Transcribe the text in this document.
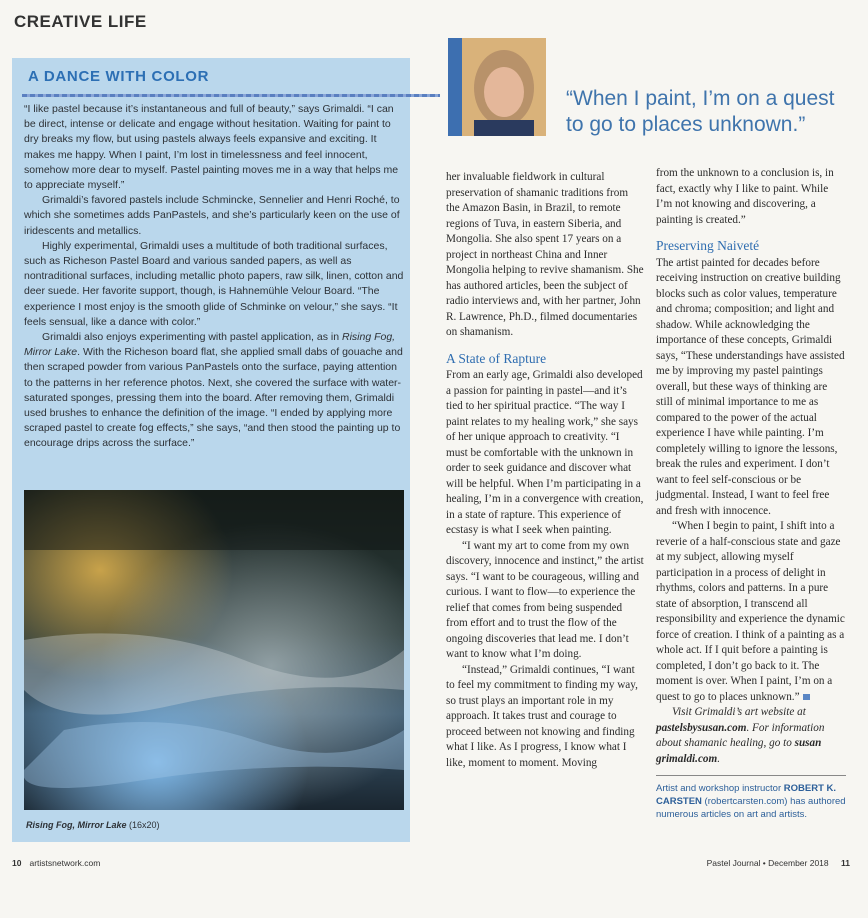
CREATIVE LIFE
A DANCE WITH COLOR

“I like pastel because it’s instantaneous and full of beauty,” says Grimaldi. “I can be direct, intense or delicate and engage without hesitation. Waiting for paint to dry breaks my flow, but using pastels always feels expansive and exciting. It makes me happy. When I paint, I’m lost in timelessness and feel innocent, somehow more dear to myself. Pastel painting moves me in a way that helps me to appreciate myself.”

Grimaldi’s favored pastels include Schmincke, Sennelier and Henri Roché, to which she sometimes adds PanPastels, and she’s particularly keen on the use of iridescents and metallics.

Highly experimental, Grimaldi uses a multitude of both traditional surfaces, such as Richeson Pastel Board and various sanded papers, as well as nontraditional surfaces, including metallic photo papers, raw silk, linen, cotton and deer suede. Her favorite support, though, is Hahnemühle Velour Board. “The experience I most enjoy is the smooth glide of Schminke on velour,” she says. “It feels sensual, like a dance with color.”

Grimaldi also enjoys experimenting with pastel application, as in Rising Fog, Mirror Lake. With the Richeson board flat, she applied small dabs of gouache and then scraped powder from various PanPastels onto the surface, paying attention to the patterns in her reference photos. Next, she covered the surface with water-saturated sponges, pressing them into the board. After removing them, Grimaldi used brushes to enhance the definition of the image. “I ended by applying more scraped pastel to create fog effects,” she says, “and then stood the painting up to encourage drips across the surface.”

Rising Fog, Mirror Lake (16x20)
“When I paint, I’m on a quest to go to places unknown.”

her invaluable fieldwork in cultural preservation of shamanic traditions from the Amazon Basin, in Brazil, to remote regions of Tuva, in eastern Siberia, and Mongolia. She also spent 17 years on a project in northeast China and Inner Mongolia helping to revive shamanism. She has authored articles, been the subject of radio interviews and, with her partner, John R. Lawrence, Ph.D., filmed documentaries on shamanism.

A State of Rapture

From an early age, Grimaldi also developed a passion for painting in pastel—and it’s tied to her spiritual practice. “The way I paint relates to my healing work,” she says of her unique approach to creativity. “I must be comfortable with the unknown in order to seek guidance and discover what will be helpful. When I’m participating in a healing, I’m in a convergence with creation, in a state of rapture. This experience of ecstasy is what I seek when painting.

“I want my art to come from my own discovery, innocence and instinct,” the artist says. “I want to be courageous, willing and curious. I want to flow—to experience the relief that comes from being suspended from effort and to trust the flow of the ongoing discoveries that lead me. I don’t want to know what I’m doing.

“Instead,” Grimaldi continues, “I want to feel my commitment to finding my way, so trust plays an important role in my approach. It takes trust and courage to proceed between not knowing and finding what I like. As I progress, I know what I like, moment to moment. Moving

from the unknown to a conclusion is, in fact, exactly why I like to paint. While I’m not knowing and discovering, a painting is created.”

Preserving Naiveté

The artist painted for decades before receiving instruction on creative building blocks such as color values, temperature and chroma; composition; and light and shadow. While acknowledging the importance of these concepts, Grimaldi says, “These understandings have assisted me by improving my pastel paintings overall, but these ways of thinking are still of minimal importance to me as compared to the power of the actual experience I have while painting. I’m completely willing to ignore the lessons, break the rules and experiment. I don’t want to feel self-conscious or be judgmental. Instead, I want to feel free and fresh with innocence.

“When I begin to paint, I shift into a reverie of a half-conscious state and gaze at my subject, allowing myself participation in a process of delight in rhythms, colors and patterns. In a pure state of absorption, I transcend all responsibility and experience the dynamic force of creation. I think of a painting as a whole act. If I quit before a painting is completed, I don’t go back to it. The moment is over. When I paint, I’m on a quest to go to places unknown.”

Visit Grimaldi’s art website at pastelsbysusan.com. For information about shamanic healing, go to susan grimaldi.com.

Artist and workshop instructor ROBERT K. CARSTEN (robertcarsten.com) has authored numerous articles on art and artists.
10 artistsnetwork.com	Pastel Journal • December 2018 11
